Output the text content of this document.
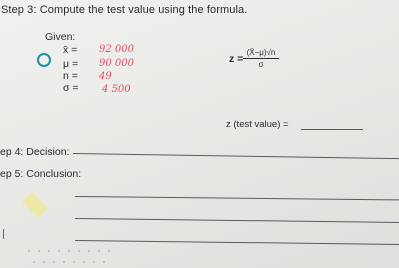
Step 3: Compute the test value using the formula.
Given:
x̄ = 92 000
μ = 90 000
n = 49
σ = 4 500
z =
(X̄−μ)√n
σ
z (test value) =
ep 4: Decision:
ep 5: Conclusion:
